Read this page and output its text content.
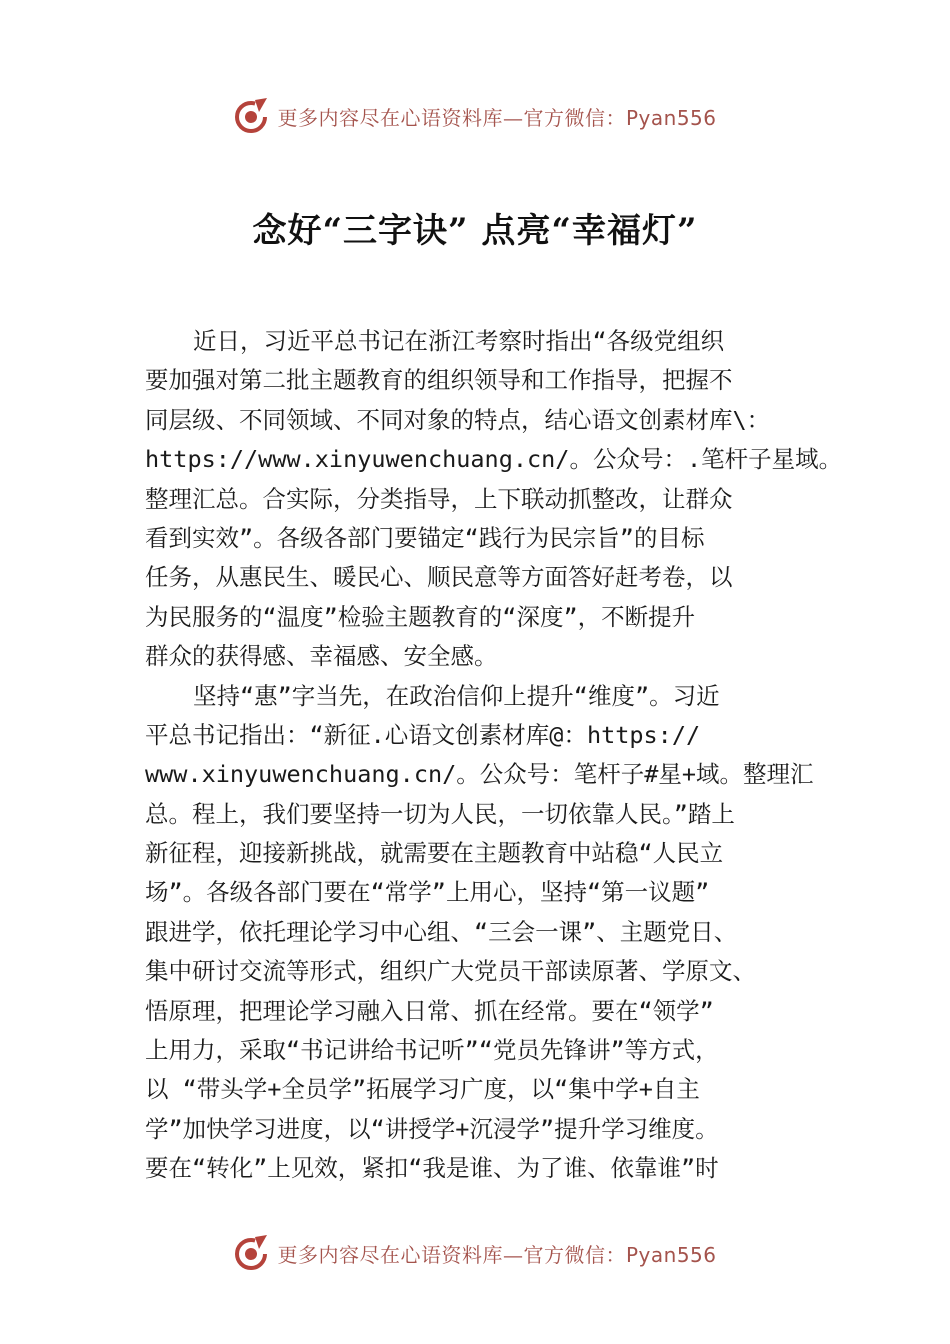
更多内容尽在心语资料库—官方微信：Pyan556
念好“三字诀” 点亮“幸福灯”
近日，习近平总书记在浙江考察时指出“各级党组织
要加强对第二批主题教育的组织领导和工作指导，把握不
同层级、不同领域、不同对象的特点，结心语文创素材库\：
https://www.xinyuwenchuang.cn/。公众号：.笔杆子星域。
整理汇总。合实际，分类指导，上下联动抓整改，让群众
看到实效”。各级各部门要锚定“践行为民宗旨”的目标
任务，从惠民生、暖民心、顺民意等方面答好赶考卷，以
为民服务的“温度”检验主题教育的“深度”，不断提升
群众的获得感、幸福感、安全感。
坚持“惠”字当先，在政治信仰上提升“维度”。习近
平总书记指出：“新征.心语文创素材库@：https://
www.xinyuwenchuang.cn/。公众号：笔杆子#星+域。整理汇
总。程上，我们要坚持一切为人民，一切依靠人民。”踏上
新征程，迎接新挑战，就需要在主题教育中站稳“人民立
场”。各级各部门要在“常学”上用心，坚持“第一议题”
跟进学，依托理论学习中心组、“三会一课”、主题党日、
集中研讨交流等形式，组织广大党员干部读原著、学原文、
悟原理，把理论学习融入日常、抓在经常。要在“领学”
上用力，采取“书记讲给书记听”“党员先锋讲”等方式，
以 “带头学+全员学”拓展学习广度，以“集中学+自主
学”加快学习进度，以“讲授学+沉浸学”提升学习维度。
要在“转化”上见效，紧扣“我是谁、为了谁、依靠谁”时
更多内容尽在心语资料库—官方微信：Pyan556
